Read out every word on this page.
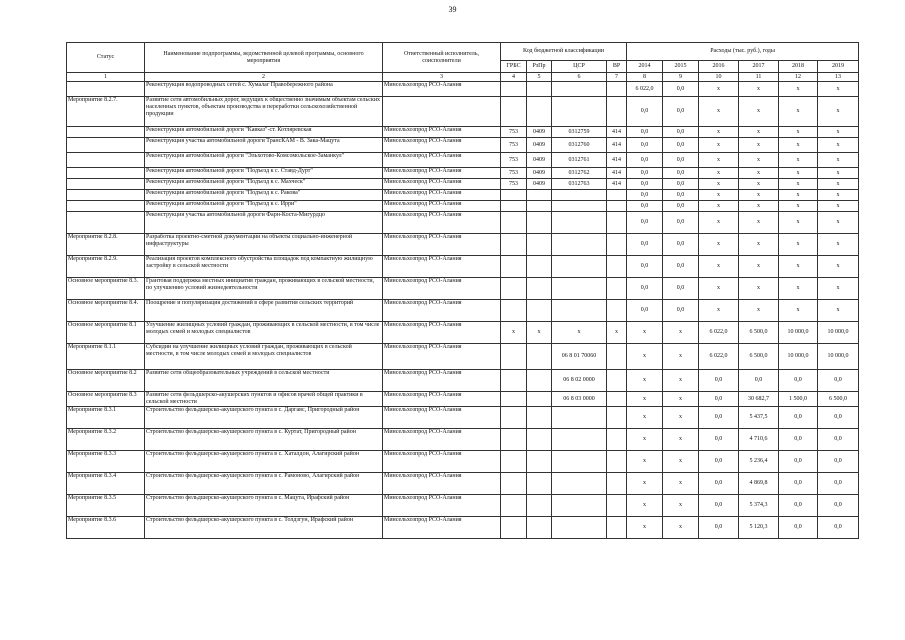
39
Статус	Наименование подпрограммы, ведомственной целевой программы, основного мероприятия	Ответственный исполнитель, соисполнители	Код бюджетной классификации				Расходы (тыс. руб.), годы					
			ГРБС	РзПр	ЦСР	ВР	2014	2015	2016	2017	2018	2019
1	2	3	4	5	6	7	8	9	10	11	12	13
	Реконструкция водопроводных сетей с. Хумалаг Правобережного района	Минсельхозпрод РСО-Алания					6 022,0	0,0	х	х	х	х
Мероприятие 8.2.7.	Развитие сети автомобильных дорог, ведущих к общественно значимым объектам сельских населенных пунктов, объектам производства и переработки сельскохозяйственной продукции						0,0	0,0	х	х	х	х
	Реконструкция автомобильной дороги "Кавказ"-ст. Котляревская	Минсельхозпрод РСО-Алания	753	0409	0312759	414	0,0	0,0	х	х	х	х
	Реконструкция участка автомобильной дороги ТрансКАМ - В. Зака-Мацута	Минсельхозпрод РСО-Алания	753	0409	0312760	414	0,0	0,0	х	х	х	х
	Реконструкция автомобильной дороги "Эльхотово-Комсомольское-Заманкул"	Минсельхозпрод РСО-Алания	753	0409	0312761	414	0,0	0,0	х	х	х	х
	Реконструкция автомобильной дороги "Подъезд к с. Ставд-Дурт"	Минсельхозпрод РСО-Алания	753	0409	0312762	414	0,0	0,0	х	х	х	х
	Реконструкция автомобильной дороги "Подъезд к с. Махческ"	Минсельхозпрод РСО-Алания	753	0409	0312763	414	0,0	0,0	х	х	х	х
	Реконструкция автомобильной дороги "Подъезд к с. Ракова"	Минсельхозпрод РСО-Алания					0,0	0,0	х	х	х	х
	Реконструкция автомобильной дороги "Подъезд к с. Ирри"	Минсельхозпрод РСО-Алания					0,0	0,0	х	х	х	х
	Реконструкция участка автомобильной дороги Фарн-Коста-Мигурдцо	Минсельхозпрод РСО-Алания					0,0	0,0	х	х	х	х
Мероприятие 8.2.8.	Разработка проектно-сметной документации на объекты социально-инженерной инфраструктуры	Минсельхозпрод РСО-Алания					0,0	0,0	х	х	х	х
Мероприятие 8.2.9.	Реализация проектов комплексного обустройства площадок под компактную жилищную застройку в сельской местности	Минсельхозпрод РСО-Алания					0,0	0,0	х	х	х	х
Основное мероприятие 8.3.	Грантовая поддержка местных инициатив граждан, проживающих в сельской местности, по улучшению условий жизнедеятельности	Минсельхозпрод РСО-Алания					0,0	0,0	х	х	х	х
Основное мероприятие 8.4.	Поощрение и популяризация достижений в сфере развития сельских территорий	Минсельхозпрод РСО-Алания					0,0	0,0	х	х	х	х
Основное мероприятие 8.1	Улучшение жилищных условий граждан, проживающих в сельской местности, в том числе молодых семей и молодых специалистов	Минсельхозпрод РСО-Алания	х	х	х	х	х	х	6 022,0	6 500,0	10 000,0	10 000,0
Мероприятие 8.1.1	Субсидии на улучшение жилищных условий граждан, проживающих в сельской местности, в том числе молодых семей и молодых специалистов	Минсельхозпрод РСО-Алания			06 8 01 70060		х	х	6 022,0	6 500,0	10 000,0	10 000,0
Основное мероприятие 8.2	Развитие сети общеобразовательных учреждений в сельской местности	Минсельхозпрод РСО-Алания			06 8 02 0000		х	х	0,0	0,0	0,0	0,0
Основное мероприятие 8.3	Развитие сети фельдшерско-акушерских пунктов и офисов врачей общей практики в сельской местности	Минсельхозпрод РСО-Алания			06 8 03 0000		х	х	0,0	30 682,7	1 500,0	6 500,0
Мероприятие 8.3.1	Строительство фельдшерско-акушерского пункта в с. Даргавс, Пригородный район	Минсельхозпрод РСО-Алания					х	х	0,0	5 437,5	0,0	0,0
Мероприятие 8.3.2	Строительство фельдшерско-акушерского пункта в с. Куртат, Пригородный район	Минсельхозпрод РСО-Алания					х	х	0,0	4 710,6	0,0	0,0
Мероприятие 8.3.3	Строительство фельдшерско-акушерского пункта в с. Хаталдон, Алагирский район	Минсельхозпрод РСО-Алания					х	х	0,0	5 236,4	0,0	0,0
Мероприятие 8.3.4	Строительство фельдшерско-акушерского пункта в с. Рамоново, Алагирский район	Минсельхозпрод РСО-Алания					х	х	0,0	4 869,8	0,0	0,0
Мероприятие 8.3.5	Строительство фельдшерско-акушерского пункта в с. Мацута, Ирафский район	Минсельхозпрод РСО-Алания					х	х	0,0	5 374,3	0,0	0,0
Мероприятие 8.3.6	Строительство фельдшерско-акушерского пункта в с. Толдзгун, Ирафский район	Минсельхозпрод РСО-Алания					х	х	0,0	5 120,3	0,0	0,0
